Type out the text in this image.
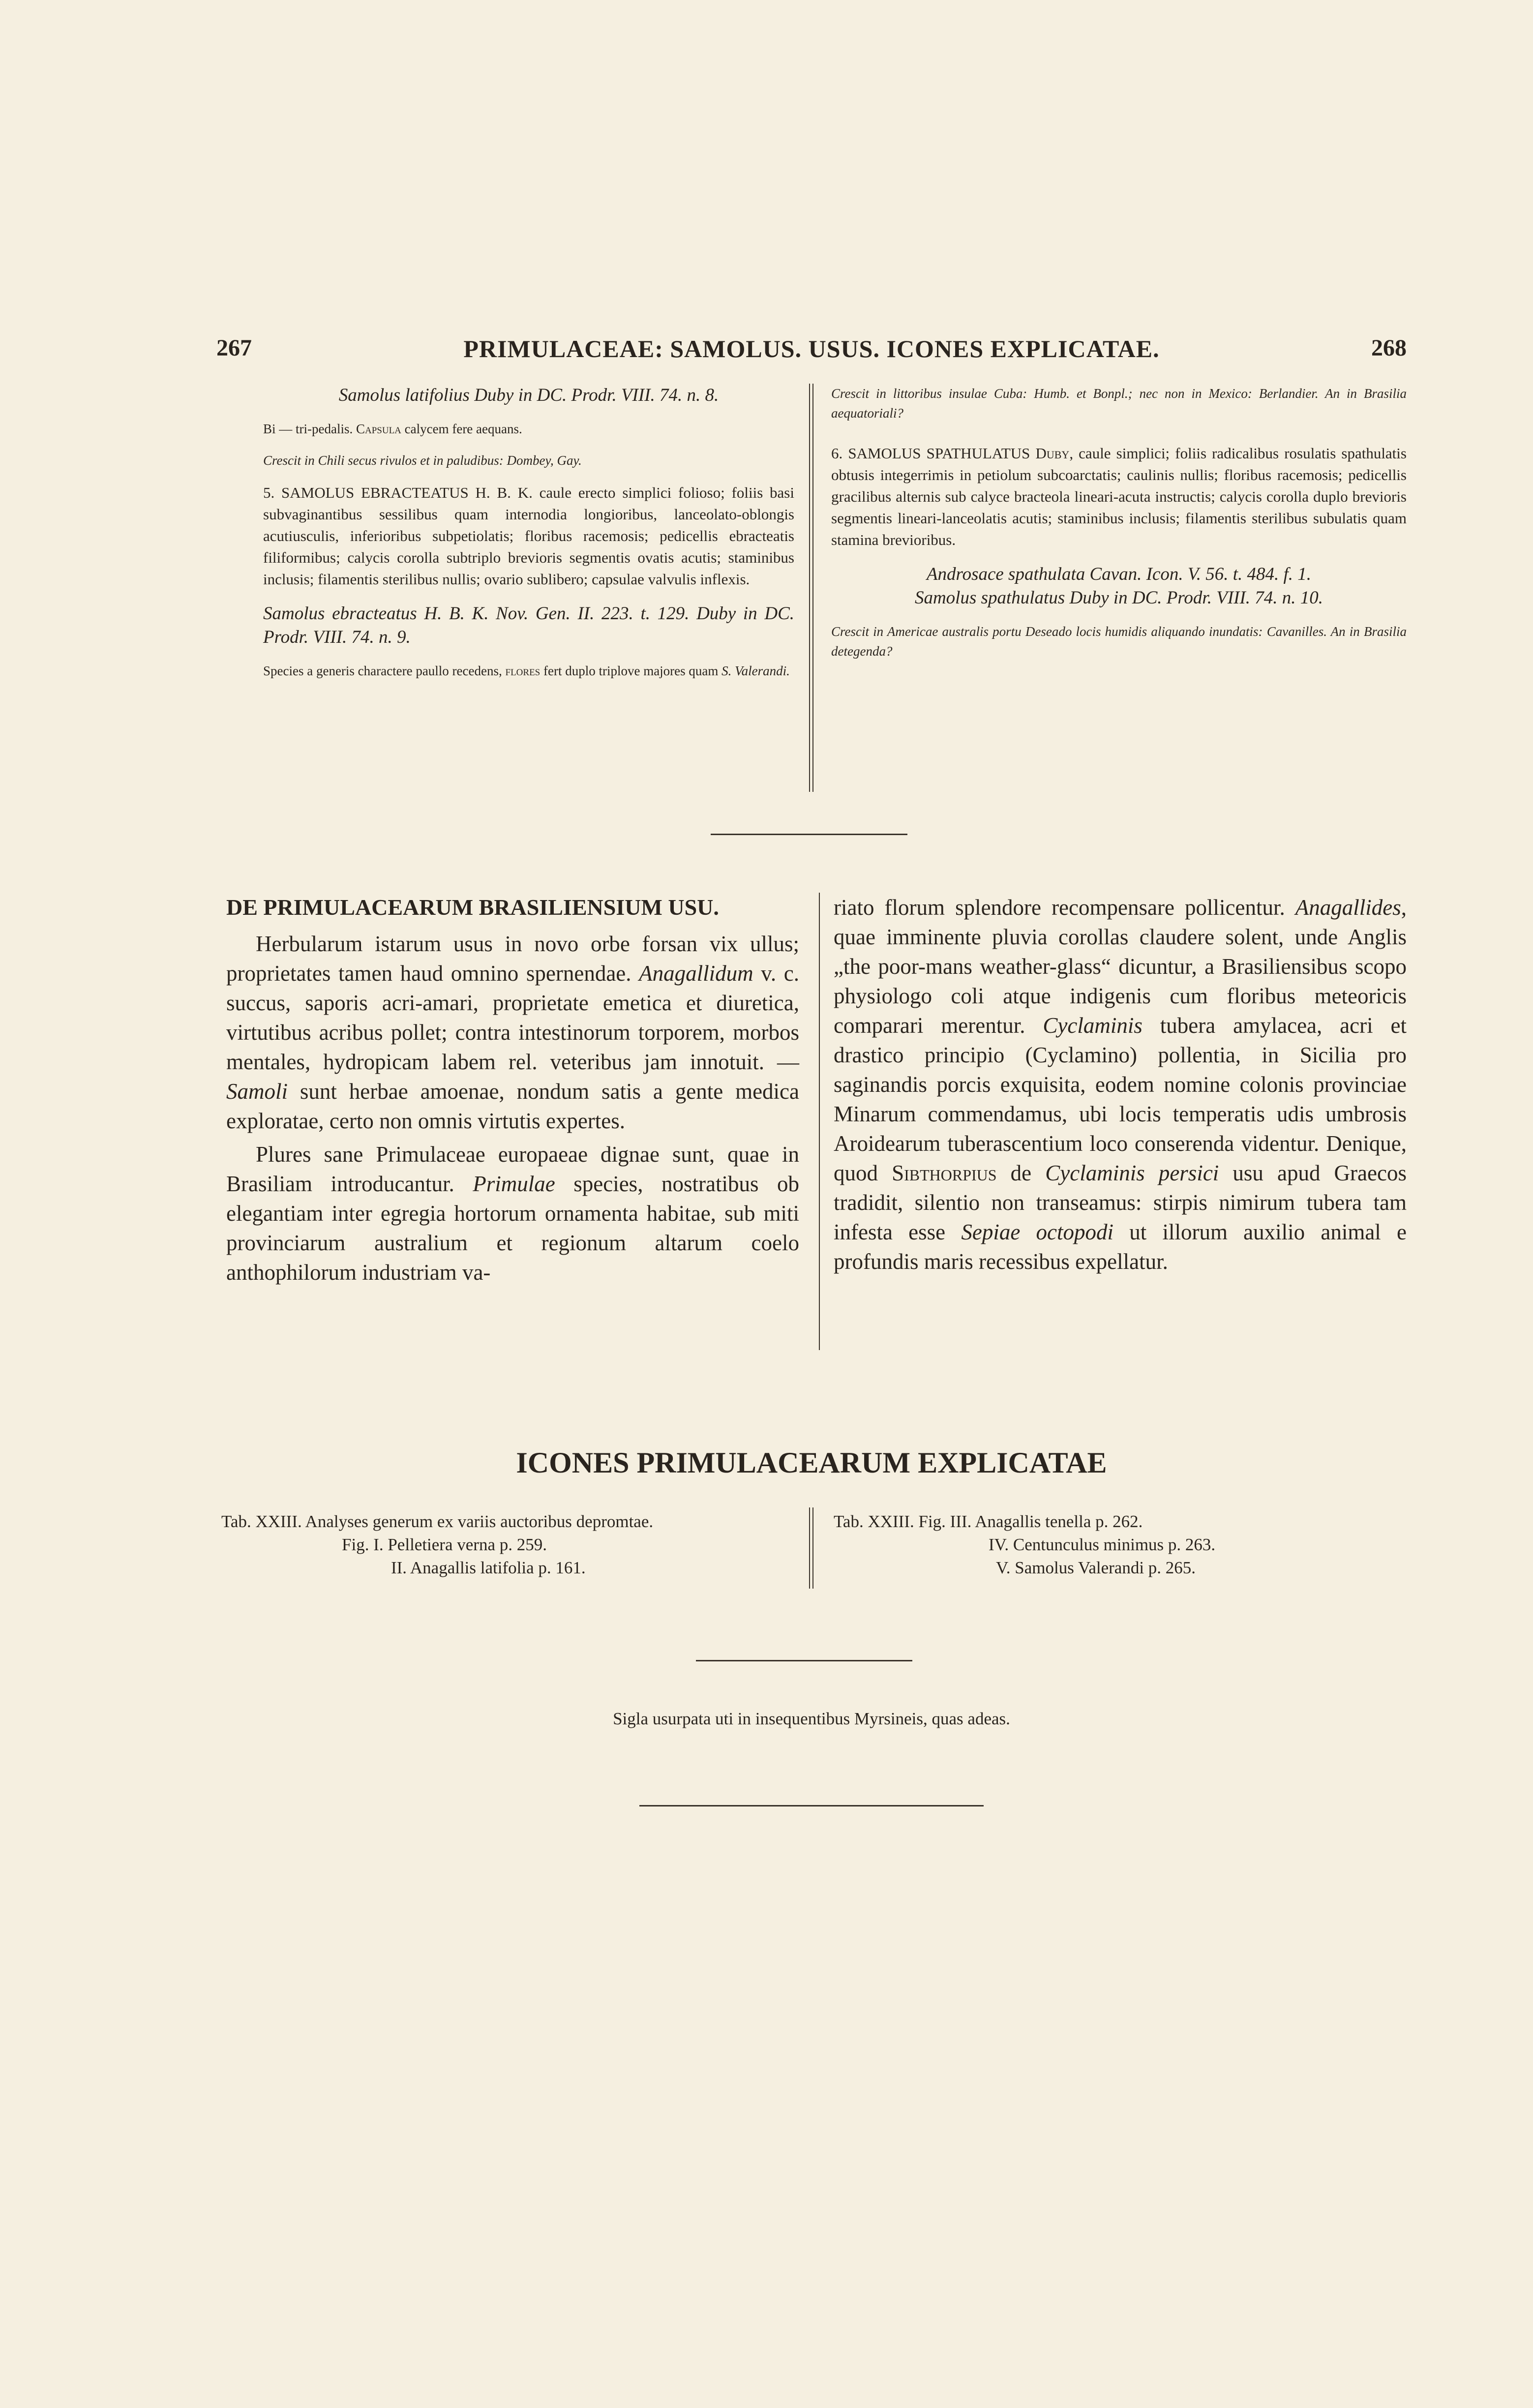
267	PRIMULACEAE: SAMOLUS. USUS. ICONES EXPLICATAE.	268
Samolus latifolius Duby in DC. Prodr. VIII. 74. n. 8.
Bi — tri-pedalis. Capsula calycem fere aequans.
Crescit in Chili secus rivulos et in paludibus: Dombey, Gay.
5. SAMOLUS EBRACTEATUS H. B. K. caule erecto simplici folioso; foliis basi subvaginantibus sessilibus quam internodia longioribus, lanceolato-oblongis acutiusculis, inferioribus subpetiolatis; floribus racemosis; pedicellis ebracteatis filiformibus; calycis corolla subtriplo brevioris segmentis ovatis acutis; staminibus inclusis; filamentis sterilibus nullis; ovario sublibero; capsulae valvulis inflexis.
Samolus ebracteatus H. B. K. Nov. Gen. II. 223. t. 129. Duby in DC. Prodr. VIII. 74. n. 9.
Species a generis charactere paullo recedens, flores fert duplo triplove majores quam S. Valerandi.
Crescit in littoribus insulae Cuba: Humb. et Bonpl.; nec non in Mexico: Berlandier. An in Brasilia aequatoriali?
6. SAMOLUS SPATHULATUS Duby, caule simplici; foliis radicalibus rosulatis spathulatis obtusis integerrimis in petiolum subcoarctatis; caulinis nullis; floribus racemosis; pedicellis gracilibus alternis sub calyce bracteola lineari-acuta instructis; calycis corolla duplo brevioris segmentis lineari-lanceolatis acutis; staminibus inclusis; filamentis sterilibus subulatis quam stamina brevioribus.
Androsace spathulata Cavan. Icon. V. 56. t. 484. f. 1.
Samolus spathulatus Duby in DC. Prodr. VIII. 74. n. 10.
Crescit in Americae australis portu Deseado locis humidis aliquando inundatis: Cavanilles. An in Brasilia detegenda?
DE PRIMULACEARUM BRASILIENSIUM USU.

Herbularum istarum usus in novo orbe forsan vix ullus; proprietates tamen haud omnino spernendae. Anagallidum v. c. succus, saporis acri-amari, proprietate emetica et diuretica, virtutibus acribus pollet; contra intestinorum torporem, morbos mentales, hydropicam labem rel. veteribus jam innotuit. — Samoli sunt herbae amoenae, nondum satis a gente medica exploratae, certo non omnis virtutis expertes.

Plures sane Primulaceae europaeae dignae sunt, quae in Brasiliam introducantur. Primulae species, nostratibus ob elegantiam inter egregia hortorum ornamenta habitae, sub miti provinciarum australium et regionum altarum coelo anthophilorum industriam va-

riato florum splendore recompensare pollicentur. Anagallides, quae imminente pluvia corollas claudere solent, unde Anglis „the poor-mans weather-glass“ dicuntur, a Brasiliensibus scopo physiologo coli atque indigenis cum floribus meteoricis comparari merentur. Cyclaminis tubera amylacea, acri et drastico principio (Cyclamino) pollentia, in Sicilia pro saginandis porcis exquisita, eodem nomine colonis provinciae Minarum commendamus, ubi locis temperatis udis umbrosis Aroidearum tuberascentium loco conserenda videntur. Denique, quod Sibthorpius de Cyclaminis persici usu apud Graecos tradidit, silentio non transeamus: stirpis nimirum tubera tam infesta esse Sepiae octopodi ut illorum auxilio animal e profundis maris recessibus expellatur.

ICONES PRIMULACEARUM EXPLICATAE
Tab. XXIII. Analyses generum ex variis auctoribus depromtae.
Fig. I. Pelletiera verna p. 259.
II. Anagallis latifolia p. 161.
Tab. XXIII. Fig. III. Anagallis tenella p. 262.
IV. Centunculus minimus p. 263.
V. Samolus Valerandi p. 265.
Sigla usurpata uti in insequentibus Myrsineis, quas adeas.
